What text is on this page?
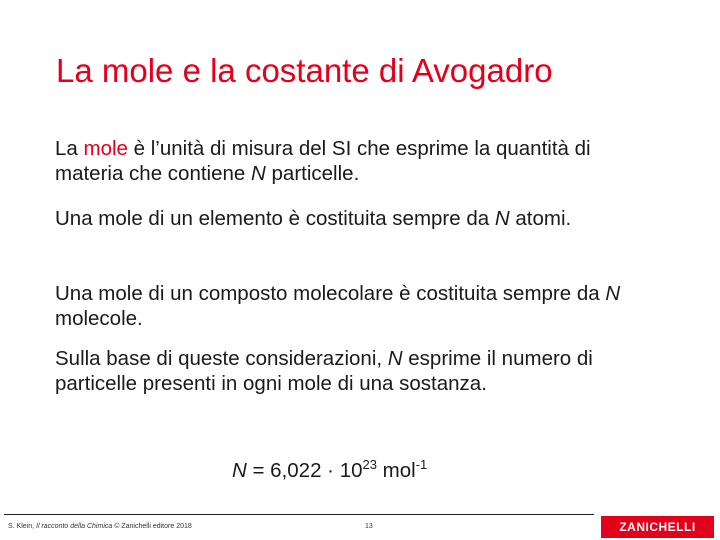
La mole e la costante di Avogadro
La mole è l’unità di misura del SI che esprime la quantità di materia che contiene N particelle.
Una mole di un elemento è costituita sempre da N atomi.
Una mole di un composto molecolare è costituita sempre da N molecole.
Sulla base di queste considerazioni, N esprime il numero di particelle presenti in ogni mole di una sostanza.
$N = 6,022 \cdot 10^{23}$ mol$^{-1}$
S. Klein, Il racconto della Chimica © Zanichelli editore 2018	13	ZANICHELLI
